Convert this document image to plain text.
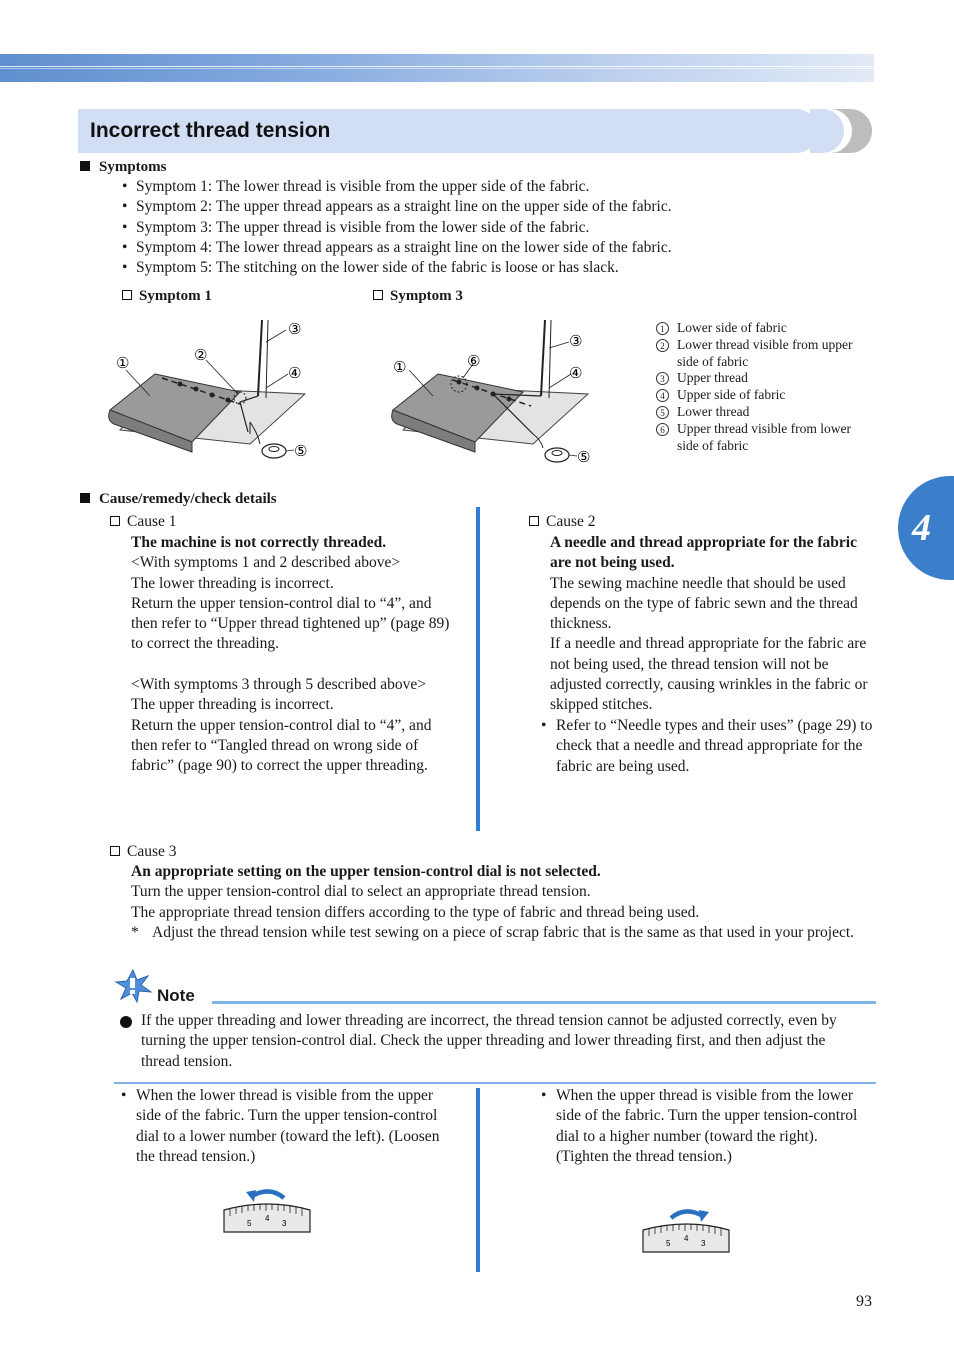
Incorrect thread tension
4
Symptoms
• Symptom 1: The lower thread is visible from the upper side of the fabric.
• Symptom 2: The upper thread appears as a straight line on the upper side of the fabric.
• Symptom 3: The upper thread is visible from the lower side of the fabric.
• Symptom 4: The lower thread appears as a straight line on the lower side of the fabric.
• Symptom 5: The stitching on the lower side of the fabric is loose or has slack.
Symptom 1	Symptom 3
①	②
③
④
⑤
①	⑥
③
④
⑤
1 Lower side of fabric
2 Lower thread visible from upper side of fabric
3 Upper thread
4 Upper side of fabric
5 Lower thread
6 Upper thread visible from lower side of fabric
Cause/remedy/check details
Cause 1

The machine is not correctly threaded.

<With symptoms 1 and 2 described above>

The lower threading is incorrect.

Return the upper tension-control dial to “4”, and then refer to “Upper thread tightened up” (page 89) to correct the threading.

<With symptoms 3 through 5 described above>

The upper threading is incorrect.

Return the upper tension-control dial to “4”, and then refer to “Tangled thread on wrong side of fabric” (page 90) to correct the upper threading.

Cause 2

A needle and thread appropriate for the fabric are not being used.

The sewing machine needle that should be used depends on the type of fabric sewn and the thread thickness.

If a needle and thread appropriate for the fabric are not being used, the thread tension will not be adjusted correctly, causing wrinkles in the fabric or skipped stitches.

• Refer to “Needle types and their uses” (page 29) to check that a needle and thread appropriate for the fabric are being used.
Cause 3

An appropriate setting on the upper tension-control dial is not selected.

Turn the upper tension-control dial to select an appropriate thread tension.

The appropriate thread tension differs according to the type of fabric and thread being used.

* Adjust the thread tension while test sewing on a piece of scrap fabric that is the same as that used in your project.
Note
If the upper threading and lower threading are incorrect, the thread tension cannot be adjusted correctly, even by turning the upper tension-control dial. Check the upper threading and lower threading first, and then adjust the thread tension.
• When the lower thread is visible from the upper side of the fabric. Turn the upper tension-control dial to a lower number (toward the left). (Loosen the thread tension.)
• When the upper thread is visible from the lower side of the fabric. Turn the upper tension-control dial to a higher number (toward the right). (Tighten the thread tension.)
5
4
3
5
4
3
93
